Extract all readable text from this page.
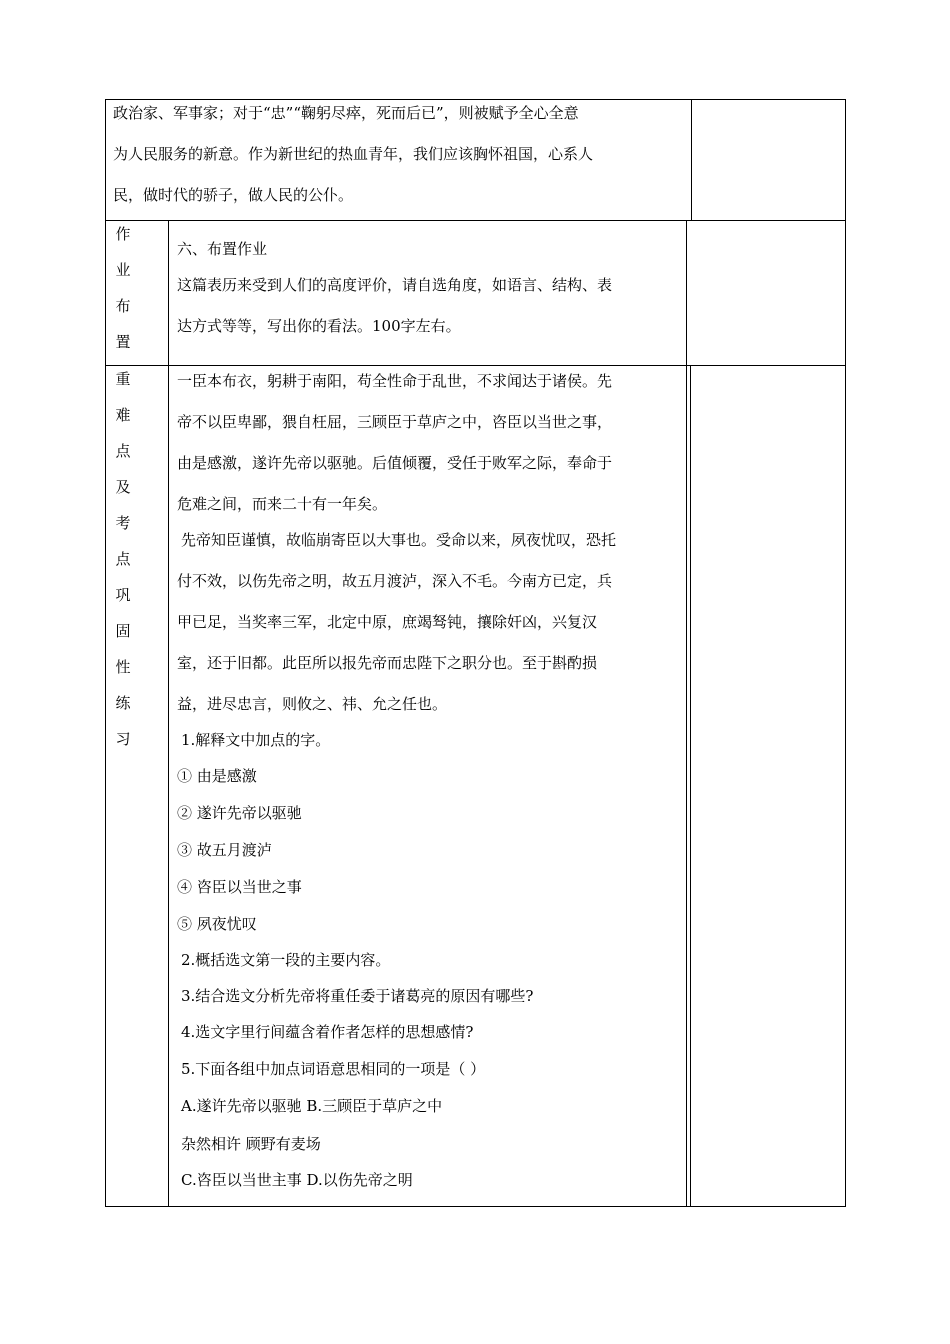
政治家、军事家；对于“忠”“鞠躬尽瘁，死而后已”，则被赋予全心全意
为人民服务的新意。作为新世纪的热血青年，我们应该胸怀祖国，心系人
民，做时代的骄子，做人民的公仆。
作
业
布
置
六、布置作业
这篇表历来受到人们的高度评价，请自选角度，如语言、结构、表
达方式等等，写出你的看法。100字左右。
重
难
点
及
考
点
巩
固
性
练
习
一臣本布衣，躬耕于南阳，苟全性命于乱世，不求闻达于诸侯。先
帝不以臣卑鄙，猥自枉屈，三顾臣于草庐之中，咨臣以当世之事，
由是感激，遂许先帝以驱驰。后值倾覆，受任于败军之际，奉命于
危难之间，而来二十有一年矣。
先帝知臣谨慎，故临崩寄臣以大事也。受命以来，夙夜忧叹，恐托
付不效，以伤先帝之明，故五月渡泸，深入不毛。今南方已定，兵
甲已足，当奖率三军，北定中原，庶竭驽钝，攘除奸凶，兴复汉
室，还于旧都。此臣所以报先帝而忠陛下之职分也。至于斟酌损
益，进尽忠言，则攸之、祎、允之任也。
1.解释文中加点的字。
① 由是感激
② 遂许先帝以驱驰
③ 故五月渡泸
④ 咨臣以当世之事
⑤ 夙夜忧叹
2.概括选文第一段的主要内容。
3.结合选文分析先帝将重任委于诸葛亮的原因有哪些?
4.选文字里行间蕴含着作者怎样的思想感情?
5.下面各组中加点词语意思相同的一项是（ ）
A.遂许先帝以驱驰 B.三顾臣于草庐之中
杂然相许 顾野有麦场
C.咨臣以当世主事 D.以伤先帝之明
